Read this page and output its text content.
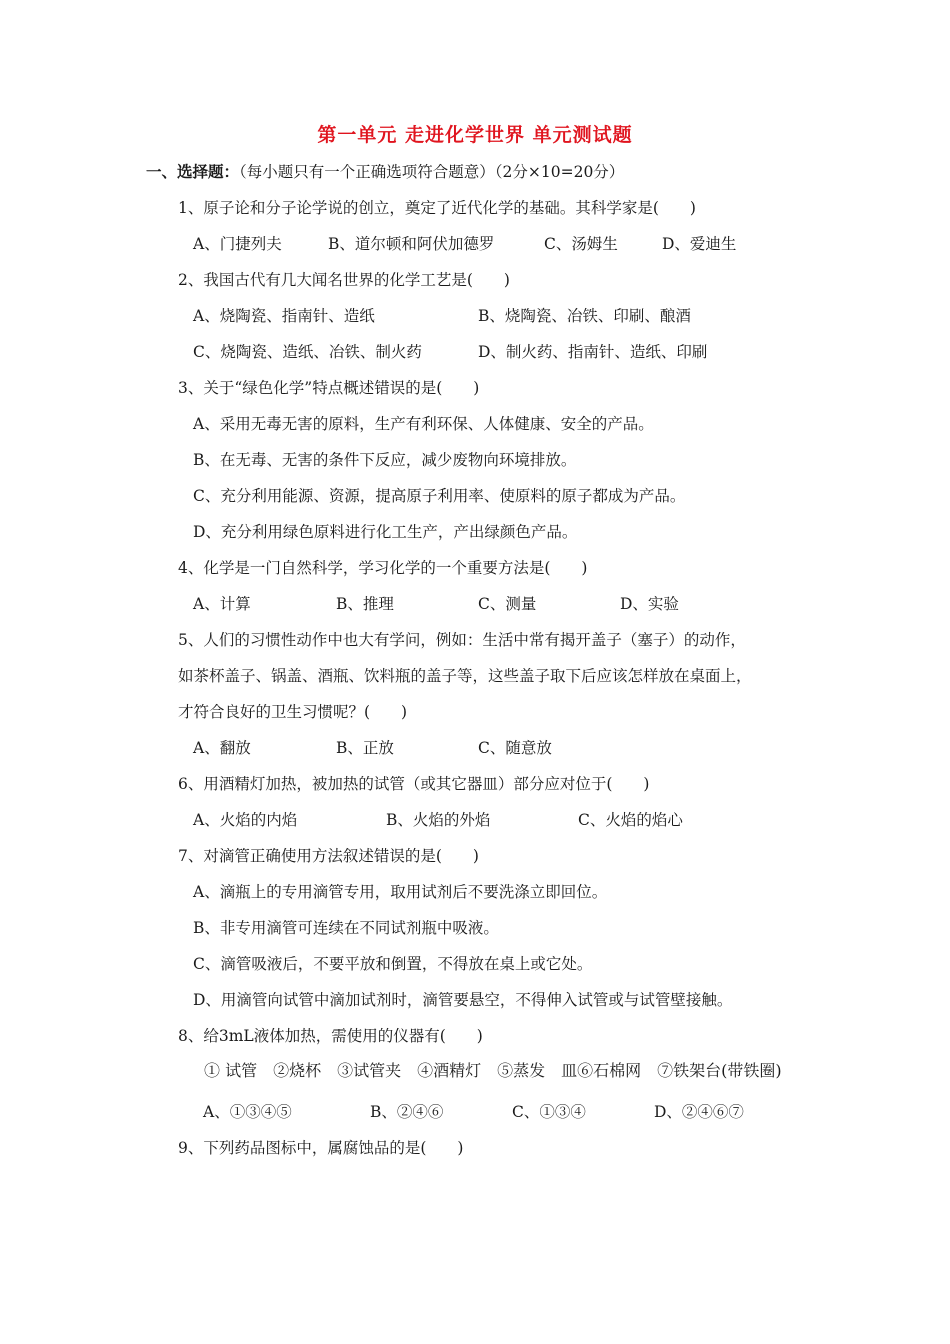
第一单元 走进化学世界 单元测试题
一、选择题：（每小题只有一个正确选项符合题意）（2分×10=20分）
1、原子论和分子论学说的创立，奠定了近代化学的基础。其科学家是(　　)
A、门捷列夫	B、道尔顿和阿伏加德罗	C、汤姆生	D、爱迪生
2、我国古代有几大闻名世界的化学工艺是(　　)
A、烧陶瓷、指南针、造纸	B、烧陶瓷、冶铁、印刷、酿酒
C、烧陶瓷、造纸、冶铁、制火药	D、制火药、指南针、造纸、印刷
3、关于“绿色化学”特点概述错误的是(　　)
A、采用无毒无害的原料，生产有利环保、人体健康、安全的产品。
B、在无毒、无害的条件下反应，减少废物向环境排放。
C、充分利用能源、资源，提高原子利用率、使原料的原子都成为产品。
D、充分利用绿色原料进行化工生产，产出绿颜色产品。
4、化学是一门自然科学，学习化学的一个重要方法是(　　)
A、计算	B、推理	C、测量	D、实验
5、人们的习惯性动作中也大有学问，例如：生活中常有揭开盖子（塞子）的动作，
如茶杯盖子、锅盖、酒瓶、饮料瓶的盖子等，这些盖子取下后应该怎样放在桌面上，
才符合良好的卫生习惯呢？(　　)
A、翻放	B、正放	C、随意放
6、用酒精灯加热，被加热的试管（或其它器皿）部分应对位于(　　)
A、火焰的内焰	B、火焰的外焰	C、火焰的焰心
7、对滴管正确使用方法叙述错误的是(　　)
A、滴瓶上的专用滴管专用，取用试剂后不要洗涤立即回位。
B、非专用滴管可连续在不同试剂瓶中吸液。
C、滴管吸液后，不要平放和倒置，不得放在桌上或它处。
D、用滴管向试管中滴加试剂时，滴管要悬空，不得伸入试管或与试管壁接触。
8、给3mL液体加热，需使用的仪器有(　　)
① 试管　②烧杯　③试管夹　④酒精灯　⑤蒸发　皿⑥石棉网　⑦铁架台(带铁圈)
A、①③④⑤	B、②④⑥	C、①③④	D、②④⑥⑦
9、下列药品图标中，属腐蚀品的是(　　)
